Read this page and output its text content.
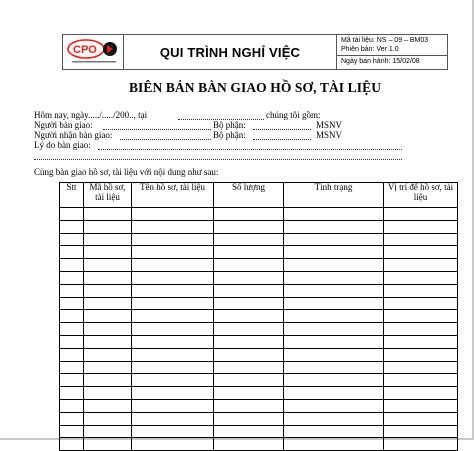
CPO	QUI TRÌNH NGHỈ VIỆC
Mã tài liệu: NS – 09 – BM03
Phiên bản: Ver 1.0
Ngày ban hành: 15/02/08
BIÊN BẢN BÀN GIAO HỒ SƠ, TÀI LIỆU
Hôm nay, ngày...../...../200.., tại	chúng tôi gồm:
Người bàn giao:	Bộ phận:	MSNV
Người nhận bàn giao:	Bộ phận:	MSNV
Lý do bàn giao:
Cùng bàn giao hồ sơ, tài liệu với nội dung như sau:
Stt	Mã hồ sơ, tài liệu	Tên hồ sơ, tài liệu	Số lượng	Tình trạng	Vị trí để hồ sơ, tài liệu
